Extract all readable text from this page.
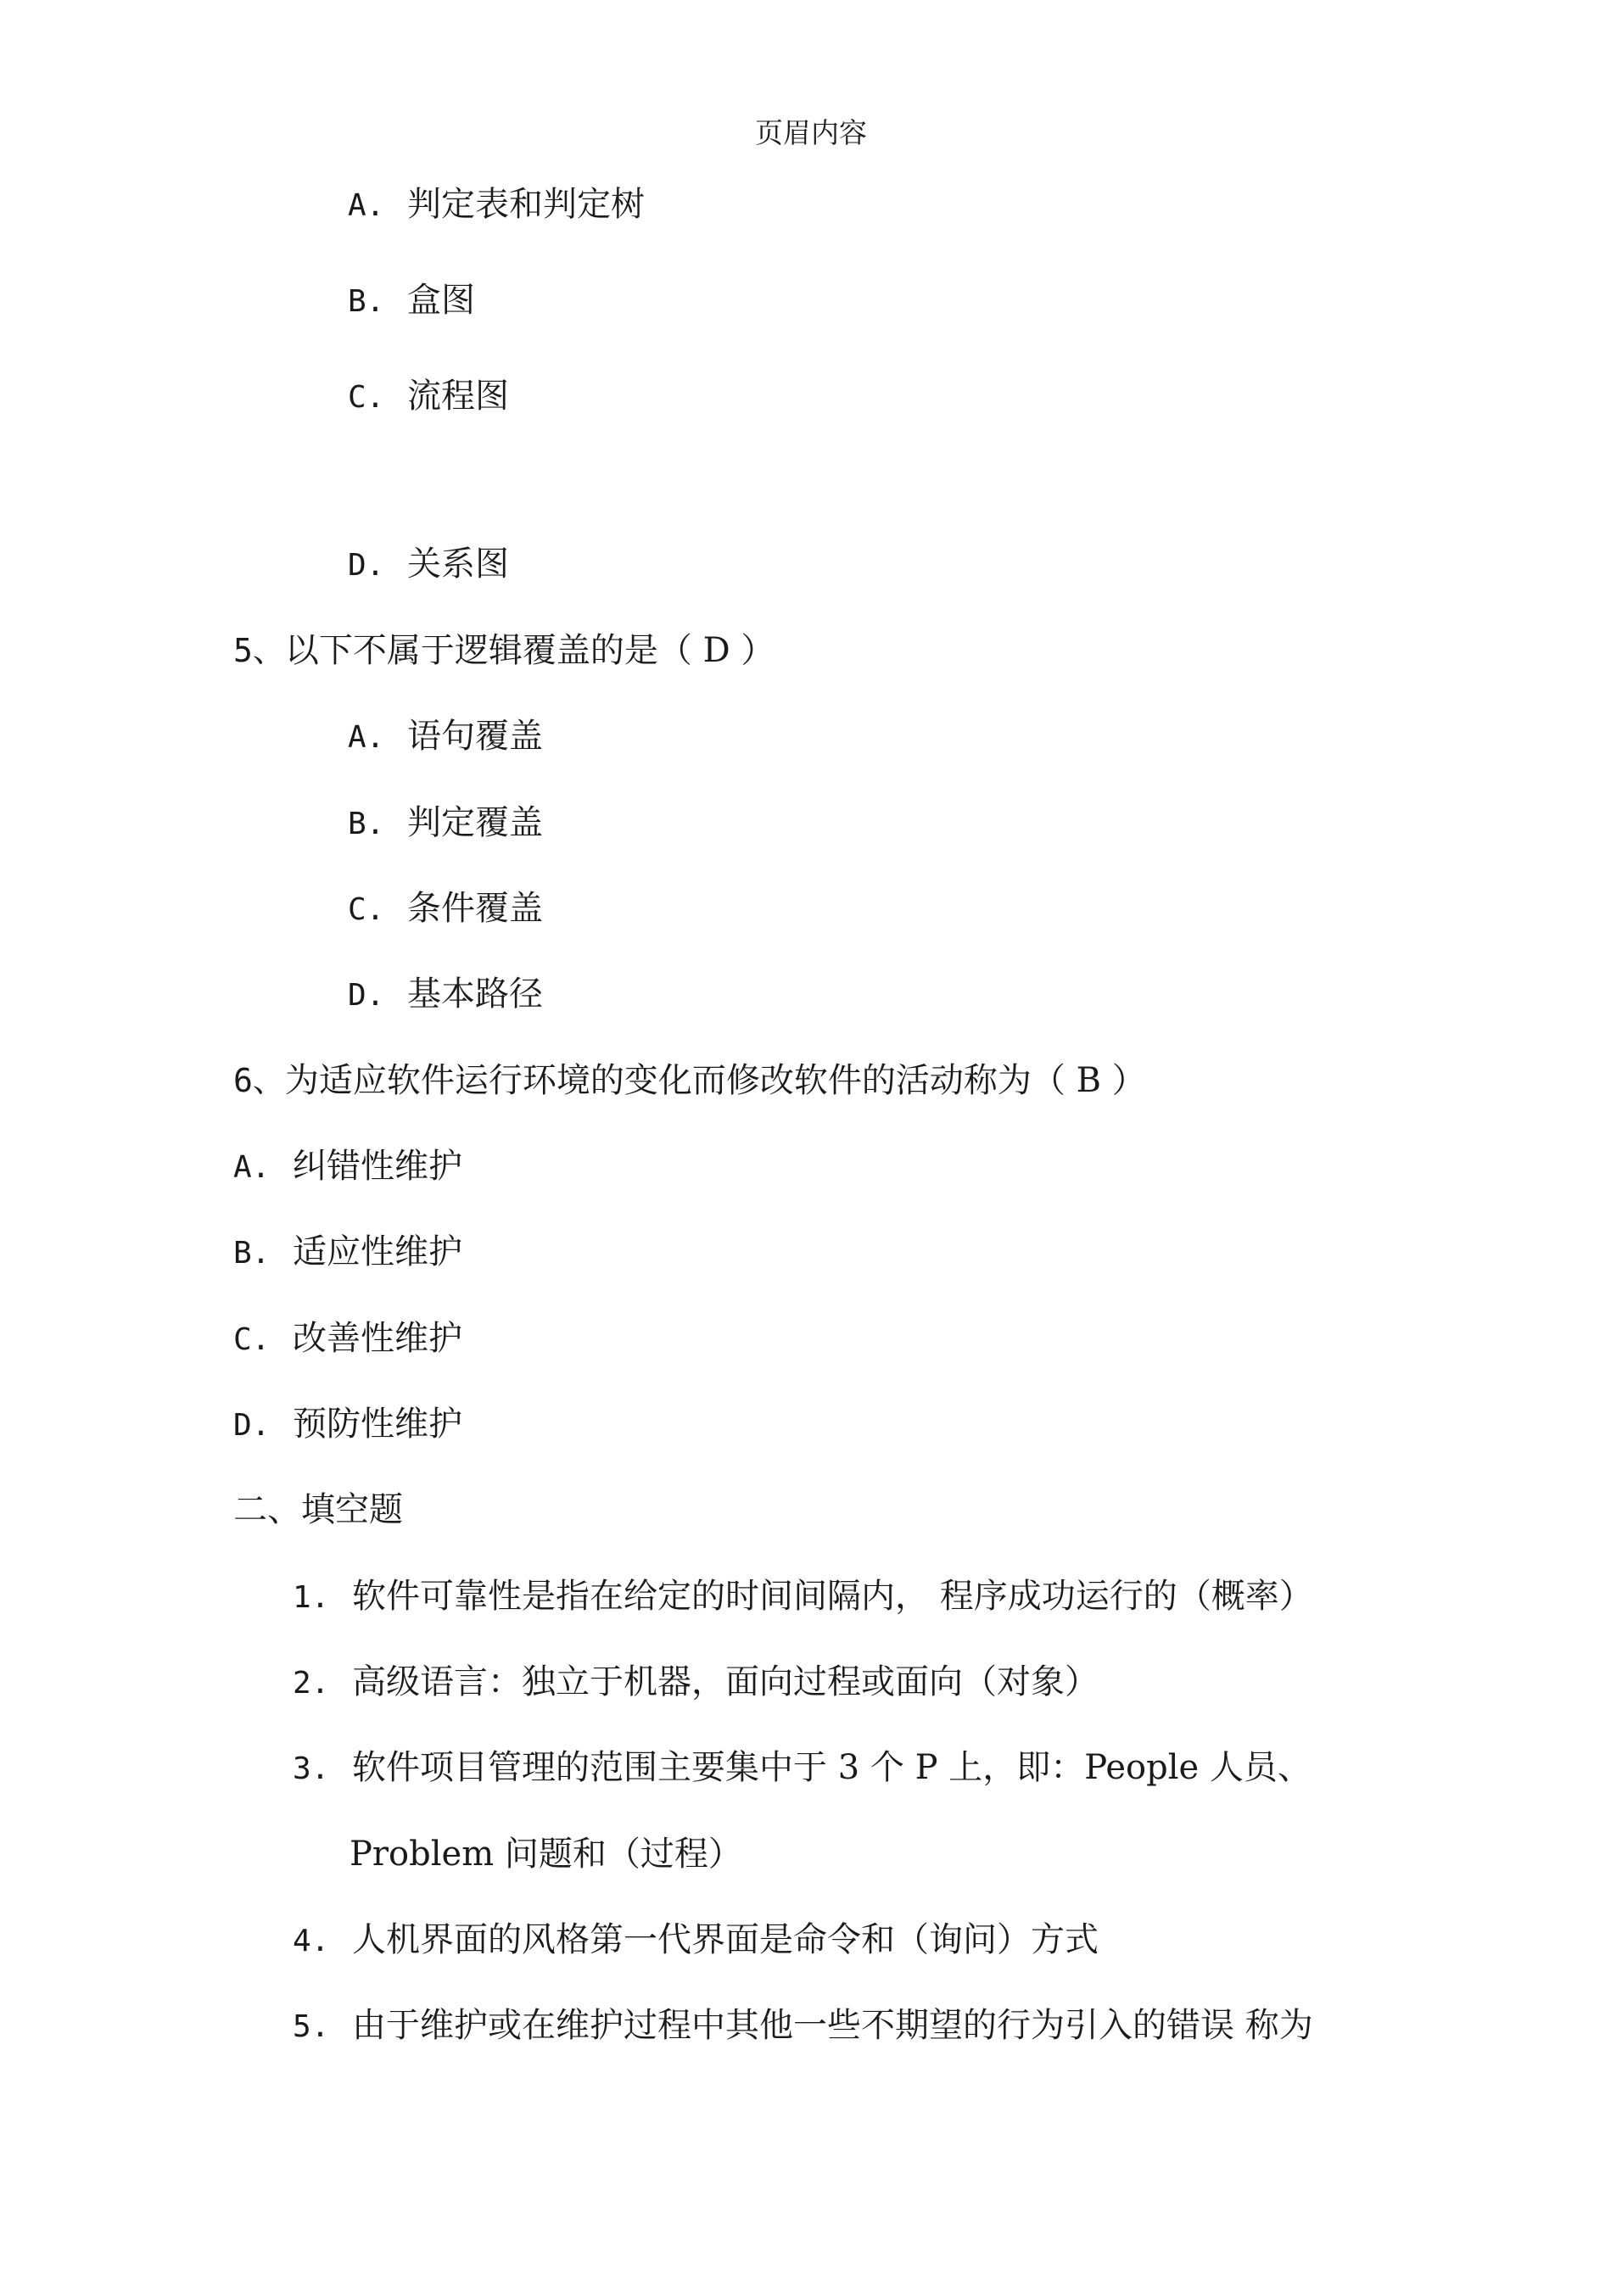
页眉内容
A. 判定表和判定树
B. 盒图
C. 流程图
D. 关系图
5、以下不属于逻辑覆盖的是（ D ）
A. 语句覆盖
B. 判定覆盖
C. 条件覆盖
D. 基本路径
6、为适应软件运行环境的变化而修改软件的活动称为（ B ）
A. 纠错性维护
B. 适应性维护
C. 改善性维护
D. 预防性维护
二、填空题
1. 软件可靠性是指在给定的时间间隔内， 程序成功运行的（概率）
2. 高级语言：独立于机器，面向过程或面向（对象）
3. 软件项目管理的范围主要集中于 3 个 P 上，即：People 人员、
Problem 问题和（过程）
4. 人机界面的风格第一代界面是命令和（询问）方式
5. 由于维护或在维护过程中其他一些不期望的行为引入的错误 称为
